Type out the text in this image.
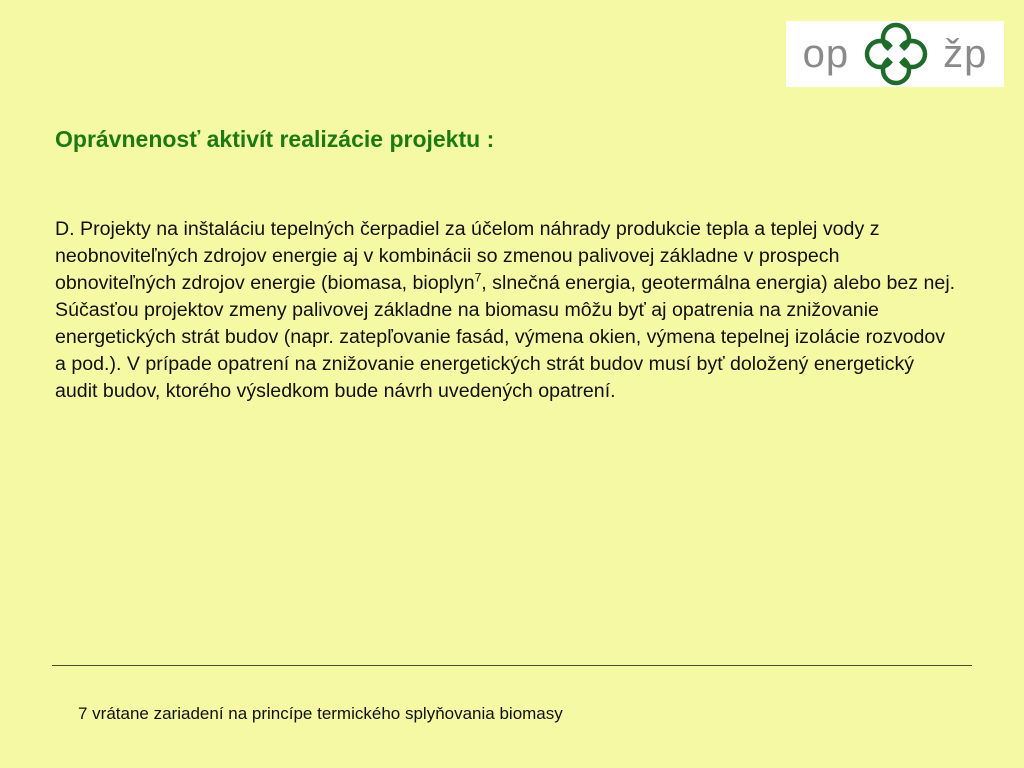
op žp
Oprávnenosť aktivít realizácie projektu :

D. Projekty na inštaláciu tepelných čerpadiel za účelom náhrady produkcie tepla a teplej vody z neobnoviteľných zdrojov energie aj v kombinácii so zmenou palivovej základne v prospech obnoviteľných zdrojov energie (biomasa, bioplyn$^7$, slnečná energia, geotermálna energia) alebo bez nej. Súčasťou projektov zmeny palivovej základne na biomasu môžu byť aj opatrenia na znižovanie energetických strát budov (napr. zatepľovanie fasád, výmena okien, výmena tepelnej izolácie rozvodov a pod.). V prípade opatrení na znižovanie energetických strát budov musí byť doložený energetický audit budov, ktorého výsledkom bude návrh uvedených opatrení.

7 vrátane zariadení na princípe termického splyňovania biomasy
